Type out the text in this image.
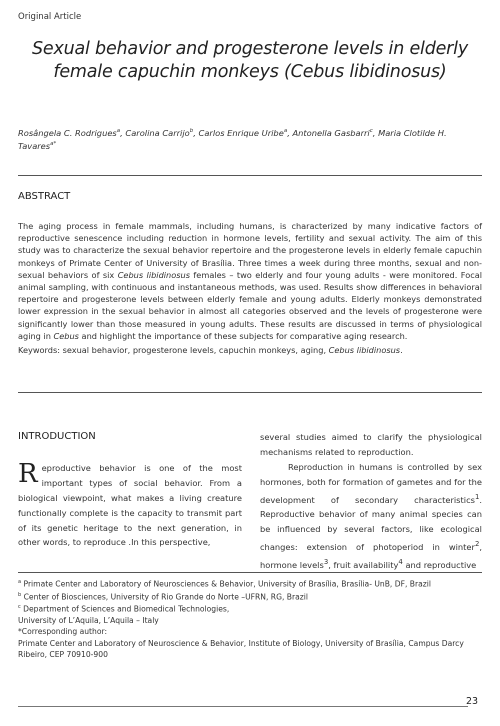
Original Article
Sexual behavior and progesterone levels in elderly female capuchin monkeys (Cebus libidinosus)
Rosângela C. Rodrigues$^a$, Carolina Carrijo$^b$, Carlos Enrique Uribe$^a$, Antonella Gasbarri$^c$, Maria Clotilde H. Tavares$^{a*}$
ABSTRACT

The aging process in female mammals, including humans, is characterized by many indicative factors of reproductive senescence including reduction in hormone levels, fertility and sexual activity. The aim of this study was to characterize the sexual behavior repertoire and the progesterone levels in elderly female capuchin monkeys of Primate Center of University of Brasília. Three times a week during three months, sexual and non-sexual behaviors of six Cebus libidinosus females – two elderly and four young adults - were monitored. Focal animal sampling, with continuous and instantaneous methods, was used. Results show differences in behavioral repertoire and progesterone levels between elderly female and young adults. Elderly monkeys demonstrated lower expression in the sexual behavior in almost all categories observed and the levels of progesterone were significantly lower than those measured in young adults. These results are discussed in terms of physiological aging in Cebus and highlight the importance of these subjects for comparative aging research.

Keywords: sexual behavior, progesterone levels, capuchin monkeys, aging, Cebus libidinosus.

INTRODUCTION

Reproductive behavior is one of the most important types of social behavior. From a biological viewpoint, what makes a living creature functionally complete is the capacity to transmit part of its genetic heritage to the next generation, in other words, to reproduce .In this perspective,

several studies aimed to clarify the physiological mechanisms related to reproduction.

Reproduction in humans is controlled by sex hormones, both for formation of gametes and for the development of secondary characteristics$^1$. Reproductive behavior of many animal species can be influenced by several factors, like ecological changes: extension of photoperiod in winter$^2$, hormone levels$^3$, fruit availability$^4$ and reproductive

$^a$ Primate Center and Laboratory of Neurosciences & Behavior, University of Brasília, Brasília- UnB, DF, Brazil
$^b$ Center of Biosciences, University of Rio Grande do Norte –UFRN, RG, Brazil
$^c$ Department of Sciences and Biomedical Technologies,
University of L’Aquila, L’Aquila – Italy
*Corresponding author:
Primate Center and Laboratory of Neuroscience & Behavior, Institute of Biology, University of Brasília, Campus Darcy Ribeiro, CEP 70910-900
23
